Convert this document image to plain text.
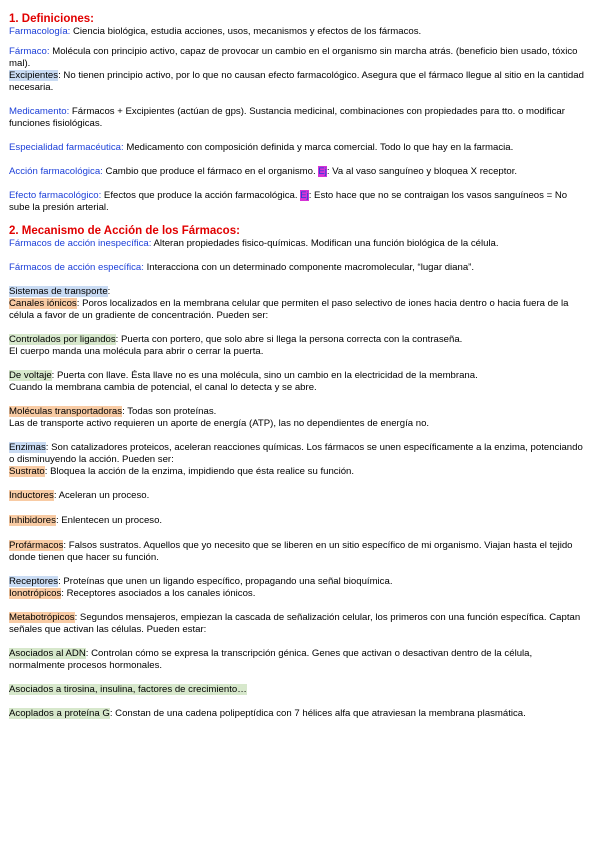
1. Definiciones:

Farmacología: Ciencia biológica, estudia acciones, usos, mecanismos y efectos de los fármacos.

Fármaco: Molécula con principio activo, capaz de provocar un cambio en el organismo sin marcha atrás. (beneficio bien usado, tóxico mal).

Excipientes: No tienen principio activo, por lo que no causan efecto farmacológico. Asegura que el fármaco llegue al sitio en la cantidad necesaria.

Medicamento: Fármacos + Excipientes (actúan de gps). Sustancia medicinal, combinaciones con propiedades para tto. o modificar funciones fisiológicas.

Especialidad farmacéutica: Medicamento con composición definida y marca comercial. Todo lo que hay en la farmacia.

Acción farmacológica: Cambio que produce el fármaco en el organismo. Ej: Va al vaso sanguíneo y bloquea X receptor.

Efecto farmacológico: Efectos que produce la acción farmacológica. Ej: Esto hace que no se contraigan los vasos sanguíneos = No sube la presión arterial.

2. Mecanismo de Acción de los Fármacos:

Fármacos de acción inespecífica: Alteran propiedades fisico-químicas. Modifican una función biológica de la célula.

Fármacos de acción específica: Interacciona con un determinado componente macromolecular, “lugar diana”.

Sistemas de transporte:

Canales iónicos: Poros localizados en la membrana celular que permiten el paso selectivo de iones hacia dentro o hacia fuera de la célula a favor de un gradiente de concentración. Pueden ser:

Controlados por ligandos: Puerta con portero, que solo abre si llega la persona correcta con la contraseña.

El cuerpo manda una molécula para abrir o cerrar la puerta.

De voltaje: Puerta con llave. Ésta llave no es una molécula, sino un cambio en la electricidad de la membrana.

Cuando la membrana cambia de potencial, el canal lo detecta y se abre.

Moléculas transportadoras: Todas son proteínas.

Las de transporte activo requieren un aporte de energía (ATP), las no dependientes de energía no.

Enzimas: Son catalizadores proteicos, aceleran reacciones químicas. Los fármacos se unen específicamente a la enzima, potenciando o disminuyendo la acción. Pueden ser:

Sustrato: Bloquea la acción de la enzima, impidiendo que ésta realice su función.

Inductores: Aceleran un proceso.

Inhibidores: Enlentecen un proceso.

Profármacos: Falsos sustratos. Aquellos que yo necesito que se liberen en un sitio específico de mi organismo. Viajan hasta el tejido donde tienen que hacer su función.

Receptores: Proteínas que unen un ligando específico, propagando una señal bioquímica.

Ionotrópicos: Receptores asociados a los canales iónicos.

Metabotrópicos: Segundos mensajeros, empiezan la cascada de señalización celular, los primeros con una función específica. Captan señales que activan las células. Pueden estar:

Asociados al ADN: Controlan cómo se expresa la transcripción génica. Genes que activan o desactivan dentro de la célula, normalmente procesos hormonales.

Asociados a tirosina, insulina, factores de crecimiento…

Acoplados a proteína G: Constan de una cadena polipeptídica con 7 hélices alfa que atraviesan la membrana plasmática.
